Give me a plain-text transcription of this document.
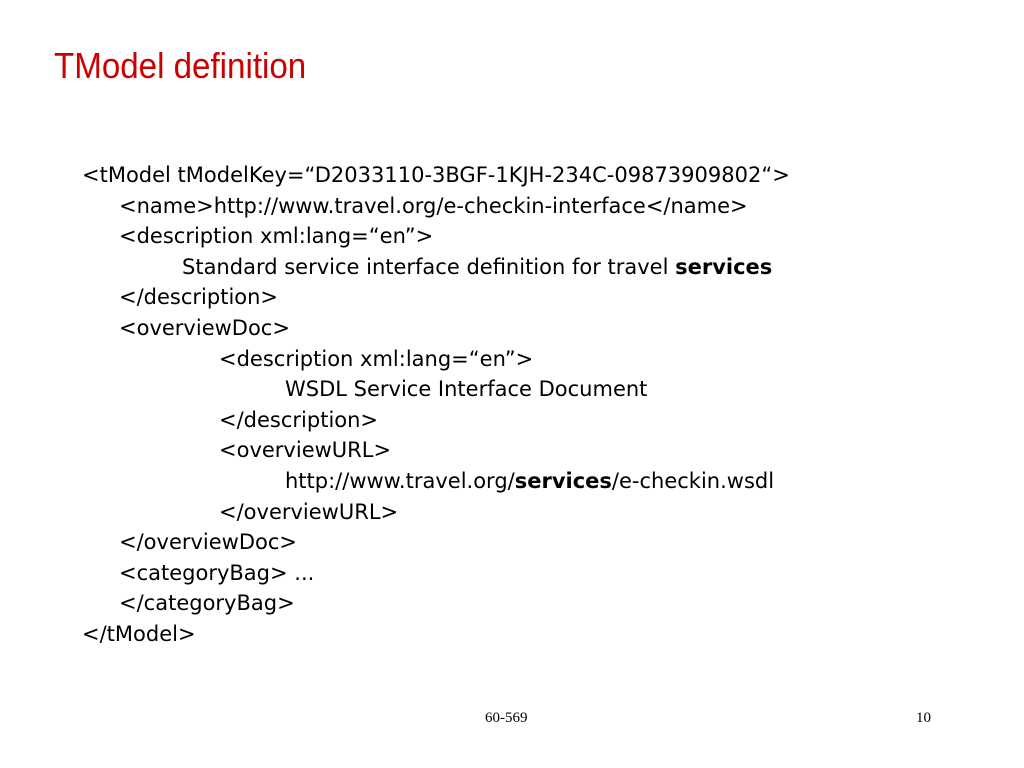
TModel definition
<tModel tModelKey=“D2033110-3BGF-1KJH-234C-09873909802“>
<name>http://www.travel.org/e-checkin-interface</name>
<description xml:lang=“en”>
Standard service interface definition for travel services
</description>
<overviewDoc>
<description xml:lang=“en”>
WSDL Service Interface Document
</description>
<overviewURL>
http://www.travel.org/services/e-checkin.wsdl
</overviewURL>
</overviewDoc>
<categoryBag> ...
</categoryBag>
</tModel>
60-569	10
